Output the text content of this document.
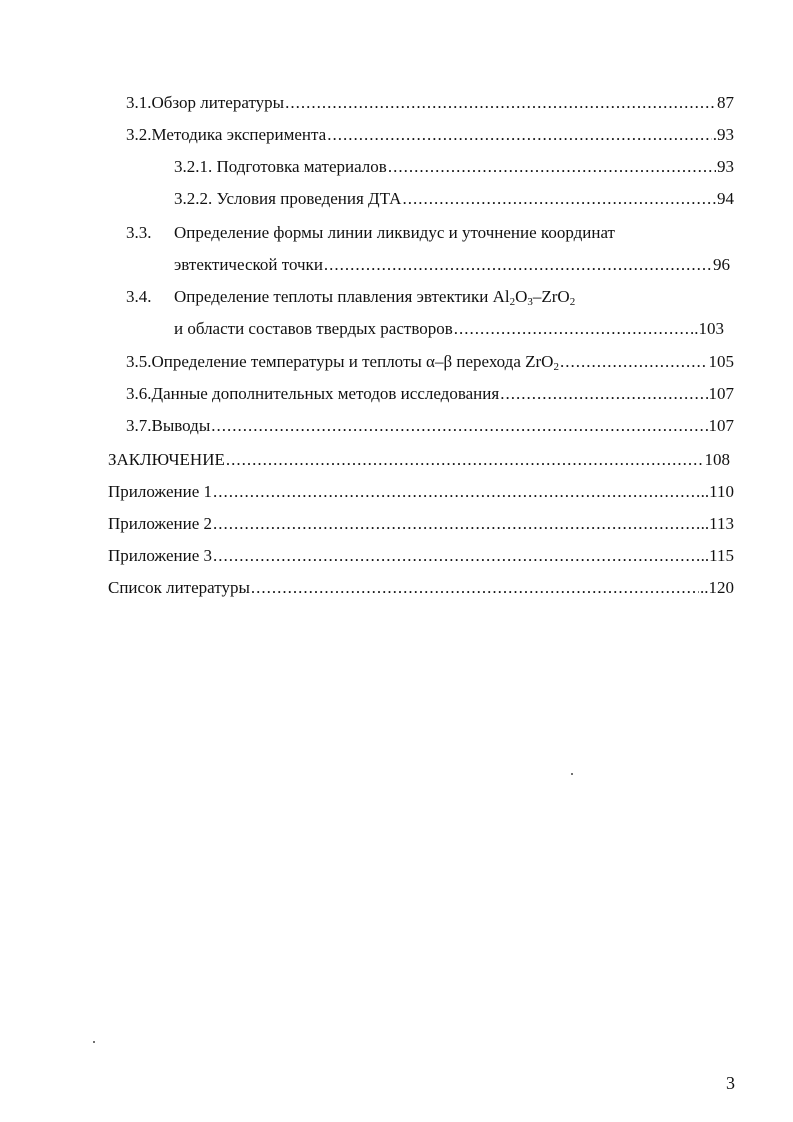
3.1. Обзор литературы .....	87
3.2. Методика эксперимента .....	.93
3.2.1. Подготовка материалов .....	93
3.2.2. Условия проведения ДТА .....	94
3.3.	Определение формы линии ликвидус и уточнение координат
эвтектической точки .....	96
3.4.	Определение теплоты плавления эвтектики $Al_2O_3-ZrO_2$
и области составов твердых растворов .....	.103
3.5. Определение температуры и теплоты α–β перехода ZrO$_2$ .....	105
3.6. Данные дополнительных методов исследования .....	107
3.7. Выводы .....	107
ЗАКЛЮЧЕНИЕ .....	108
Приложение 1 .....	..110
Приложение 2 .....	..113
Приложение 3 .....	..115
Список литературы .....	..120
3
